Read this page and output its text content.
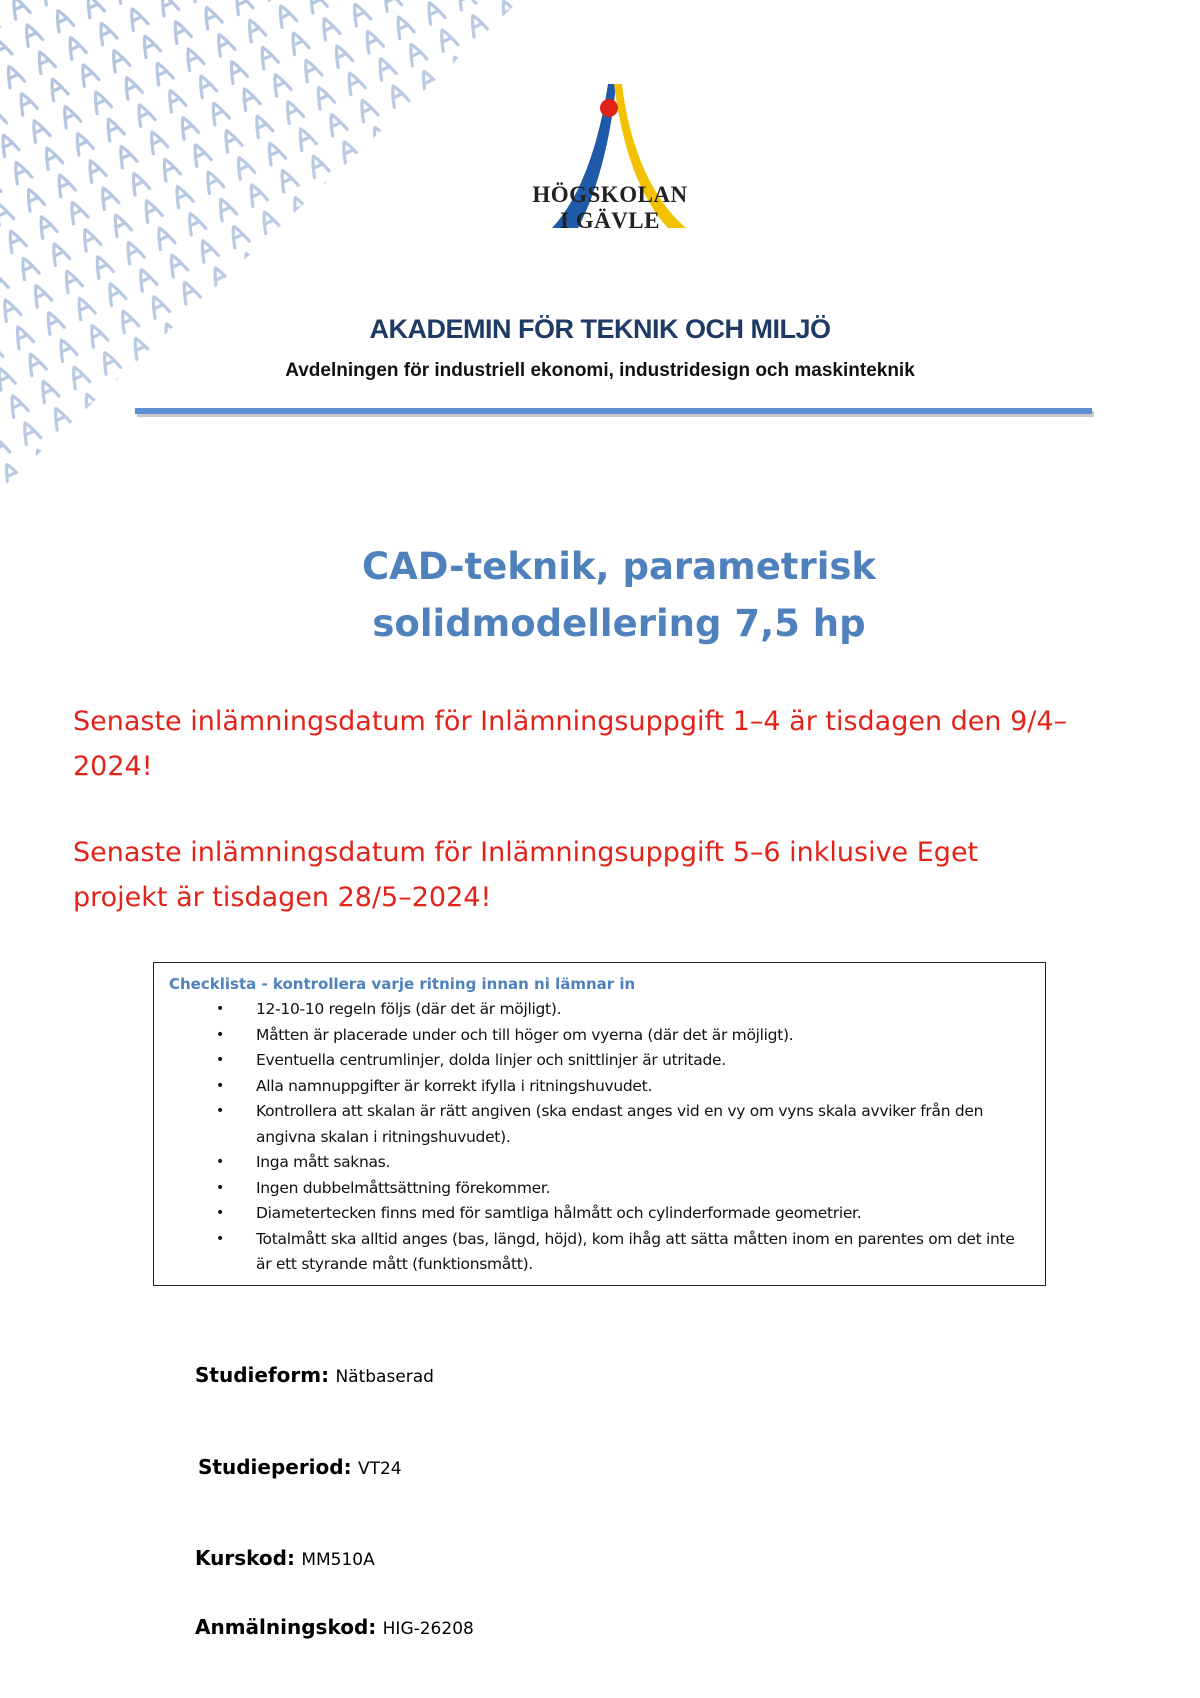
HÖGSKOLAN
I GÄVLE
AKADEMIN FÖR TEKNIK OCH MILJÖ
Avdelningen för industriell ekonomi, industridesign och maskinteknik
CAD-teknik, parametrisk
solidmodellering 7,5 hp
Senaste inlämningsdatum för Inlämningsuppgift 1–4 är tisdagen den 9/4–
2024!
Senaste inlämningsdatum för Inlämningsuppgift 5–6 inklusive Eget
projekt är tisdagen 28/5–2024!
Checklista - kontrollera varje ritning innan ni lämnar in
• 12-10-10 regeln följs (där det är möjligt).
• Måtten är placerade under och till höger om vyerna (där det är möjligt).
• Eventuella centrumlinjer, dolda linjer och snittlinjer är utritade.
• Alla namnuppgifter är korrekt ifylla i ritningshuvudet.
• Kontrollera att skalan är rätt angiven (ska endast anges vid en vy om vyns skala avviker från den angivna skalan i ritningshuvudet).
• Inga mått saknas.
• Ingen dubbelmåttsättning förekommer.
• Diametertecken finns med för samtliga hålmått och cylinderformade geometrier.
• Totalmått ska alltid anges (bas, längd, höjd), kom ihåg att sätta måtten inom en parentes om det inte är ett styrande mått (funktionsmått).
Studieform: Nätbaserad
Studieperiod: VT24
Kurskod: MM510A
Anmälningskod: HIG-26208
